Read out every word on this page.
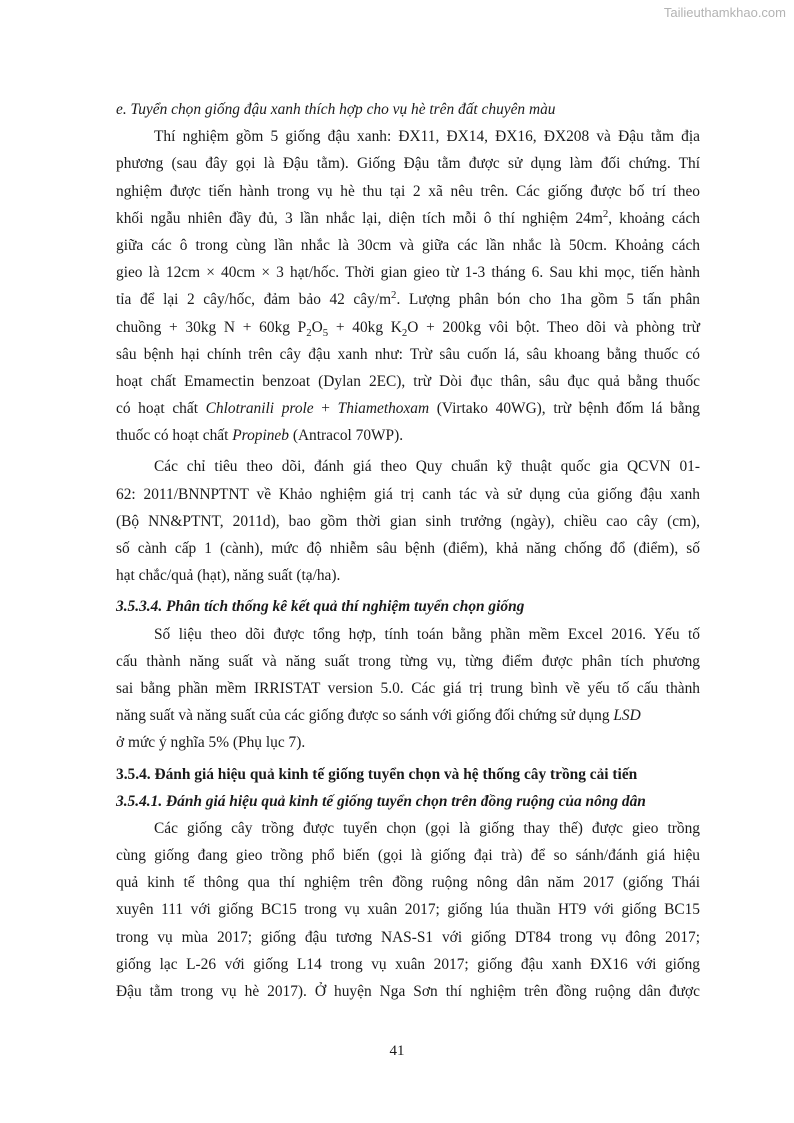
Tailieuthamkhao.com
e. Tuyển chọn giống đậu xanh thích hợp cho vụ hè trên đất chuyên màu
Thí nghiệm gồm 5 giống đậu xanh: ĐX11, ĐX14, ĐX16, ĐX208 và Đậu tằm địa
phương (sau đây gọi là Đậu tằm). Giống Đậu tằm được sử dụng làm đối chứng. Thí
nghiệm được tiến hành trong vụ hè thu tại 2 xã nêu trên. Các giống được bố trí theo
khối ngẫu nhiên đầy đủ, 3 lần nhắc lại, diện tích mỗi ô thí nghiệm $24m^2$, khoảng cách
giữa các ô trong cùng lần nhắc là 30cm và giữa các lần nhắc là 50cm. Khoảng cách
gieo là 12cm × 40cm × 3 hạt/hốc. Thời gian gieo từ 1-3 tháng 6. Sau khi mọc, tiến hành
tỉa để lại 2 cây/hốc, đảm bảo 42 cây/$m^2$. Lượng phân bón cho 1ha gồm 5 tấn phân
chuồng + 30kg N + 60kg $P_2O_5 + 40kg$ $K_2O + 200kg$ vôi bột. Theo dõi và phòng trừ
sâu bệnh hại chính trên cây đậu xanh như: Trừ sâu cuốn lá, sâu khoang bằng thuốc có
hoạt chất Emamectin benzoat (Dylan 2EC), trừ Dòi đục thân, sâu đục quả bằng thuốc
có hoạt chất Chlotranili prole + Thiamethoxam (Virtako 40WG), trừ bệnh đốm lá bằng
thuốc có hoạt chất Propineb (Antracol 70WP).
Các chỉ tiêu theo dõi, đánh giá theo Quy chuẩn kỹ thuật quốc gia QCVN 01-
62: 2011/BNNPTNT về Khảo nghiệm giá trị canh tác và sử dụng của giống đậu xanh
(Bộ NN&PTNT, 2011d), bao gồm thời gian sinh trưởng (ngày), chiều cao cây (cm),
số cành cấp 1 (cành), mức độ nhiễm sâu bệnh (điểm), khả năng chống đổ (điểm), số
hạt chắc/quả (hạt), năng suất (tạ/ha).
3.5.3.4. Phân tích thống kê kết quả thí nghiệm tuyển chọn giống
Số liệu theo dõi được tổng hợp, tính toán bằng phần mềm Excel 2016. Yếu tố
cấu thành năng suất và năng suất trong từng vụ, từng điểm được phân tích phương
sai bằng phần mềm IRRISTAT version 5.0. Các giá trị trung bình về yếu tố cấu thành
năng suất và năng suất của các giống được so sánh với giống đối chứng sử dụng LSD
ở mức ý nghĩa 5% (Phụ lục 7).
3.5.4. Đánh giá hiệu quả kinh tế giống tuyển chọn và hệ thống cây trồng cải tiến
3.5.4.1. Đánh giá hiệu quả kinh tế giống tuyển chọn trên đồng ruộng của nông dân
Các giống cây trồng được tuyển chọn (gọi là giống thay thế) được gieo trồng
cùng giống đang gieo trồng phổ biến (gọi là giống đại trà) để so sánh/đánh giá hiệu
quả kinh tế thông qua thí nghiệm trên đồng ruộng nông dân năm 2017 (giống Thái
xuyên 111 với giống BC15 trong vụ xuân 2017; giống lúa thuần HT9 với giống BC15
trong vụ mùa 2017; giống đậu tương NAS-S1 với giống DT84 trong vụ đông 2017;
giống lạc L-26 với giống L14 trong vụ xuân 2017; giống đậu xanh ĐX16 với giống
Đậu tằm trong vụ hè 2017). Ở huyện Nga Sơn thí nghiệm trên đồng ruộng dân được
41
